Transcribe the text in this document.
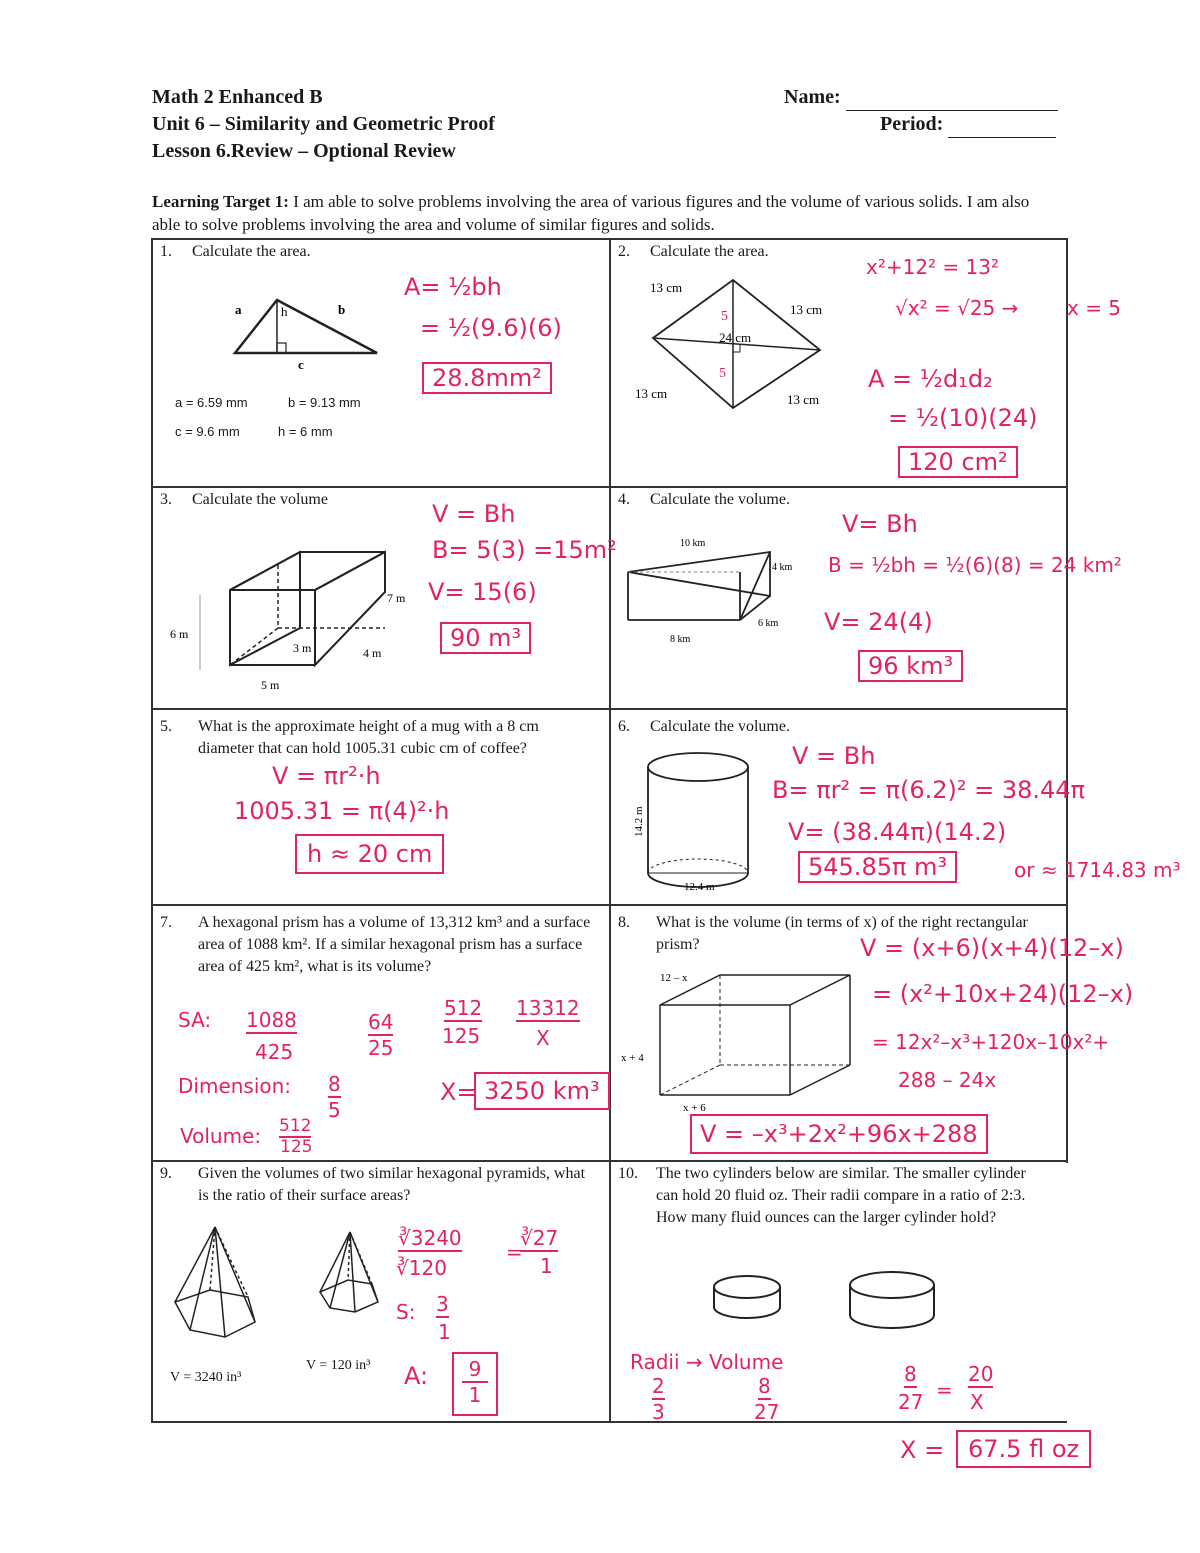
Math 2 Enhanced B
Unit 6 – Similarity and Geometric Proof
Lesson 6.Review – Optional Review
Name:
Period:
Learning Target 1: I am able to solve problems involving the area of various figures and the volume of various solids. I am also able to solve problems involving the area and volume of similar figures and solids.
1. Calculate the area.
a	h	b
c
a = 6.59 mm	b = 9.13 mm
c = 9.6 mm	h = 6 mm
A= ½bh
= ½(9.6)(6)
28.8mm²
2. Calculate the area.
13 cm
13 cm
13 cm	13 cm
24 cm
5
5
x²+12² = 13²
√x² = √25 → x = 5
A = ½d₁d₂
= ½(10)(24)
120 cm²
3. Calculate the volume
6 m
7 m
3 m	4 m
5 m
V = Bh
B= 5(3) =15m²
V= 15(6)
90 m³
4. Calculate the volume.
10 km
4 km
6 km
8 km
V= Bh
B = ½bh = ½(6)(8) = 24 km²
V= 24(4)
96 km³
5. What is the approximate height of a mug with a 8 cm diameter that can hold 1005.31 cubic cm of coffee?
V = πr²·h
1005.31 = π(4)²·h
h ≈ 20 cm
6. Calculate the volume.
14.2 m
12.4 m
V = Bh
B= πr² = π(6.2)² = 38.44π
V= (38.44π)(14.2)
545.85π m³	or ≈ 1714.83 m³
7. A hexagonal prism has a volume of 13,312 km³ and a surface area of 1088 km². If a similar hexagonal prism has a surface area of 425 km², what is its volume?
SA: 1088
425
64
25
512
125
13312
X
Dimension: 8
5
X= 3250 km³
Volume: 512
125
8. What is the volume (in terms of x) of the right rectangular prism?
12 – x
x + 4
x + 6
V = (x+6)(x+4)(12–x)
= (x²+10x+24)(12–x)
= 12x²–x³+120x–10x²+
288 – 24x
V = –x³+2x²+96x+288
9. Given the volumes of two similar hexagonal pyramids, what is the ratio of their surface areas?
V = 3240 in³
V = 120 in³
∛3240
∛120
=
∛27
1
S: 3
1
A: $\frac{9}{1}$
10. The two cylinders below are similar. The smaller cylinder can hold 20 fluid oz. Their radii compare in a ratio of 2:3. How many fluid ounces can the larger cylinder hold?
Radii → Volume
2
3
8
27
8
27 =
20
X
X = 67.5 fl oz
